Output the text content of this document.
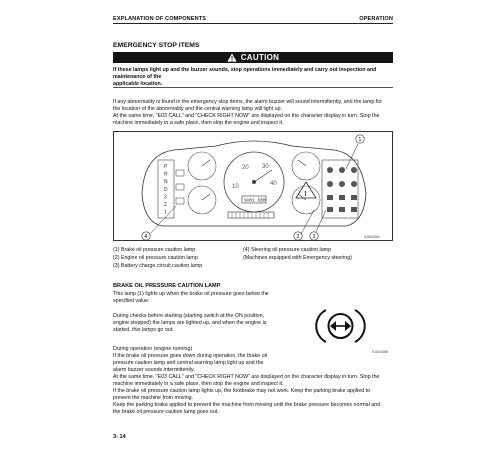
EXPLANATION OF COMPONENTS	OPERATION
EMERGENCY STOP ITEMS
CAUTION
If these lamps light up and the buzzer sounds, stop operations immediately and carry out inspection and maintenance of the
applicable location.
If any abnormality is found in the emergency stop items, the alarm buzzer will sound intermittently, and the lamp for
the location of the abnormality and the central warning lamp will light up.
At the same time, "E03 CALL" and "CHECK RIGHT NOW" are displayed on the character display in turn. Stop the
machine immediately in a safe place, then stop the engine and inspect it.
10
20 30
40
9A01 5B0
!
P
R
N
D
3
2
1
1
4	2 3	9JA04354
(1) Brake oil pressure caution lamp
(2) Engine oil pressure caution lamp
(3) Battery charge circuit caution lamp
(4) Steering oil pressure caution lamp
(Machines equipped with Emergency steering)
BRAKE OIL PRESSURE CAUTION LAMP
This lamp (1) lights up when the brake oil pressure goes below the
specified value.
During checks before starting (starting switch at the ON position,
engine stopped) the lamps are lighted up, and when the engine is
started, this lamps go out.
During operation (engine running)
If the brake oil pressure goes down during operation, the brake oil
pressure caution lamp and central warning lamp light up and the
alarm buzzer sounds intermittently.
9JA04356
At the same time, "E03 CALL" and "CHECK RIGHT NOW" are displayed on the character display in turn. Stop the
machine immediately in a safe place, then stop the engine and inspect it.
If the brake oil pressure caution lamp lights up, the footbrake may not work. Keep the parking brake applied to
prevent the machine from moving.
Keep the parking brake applied to prevent the machine from moving until the brake pressure becomes normal and
the brake oil pressure caution lamp goes out.
3- 14
